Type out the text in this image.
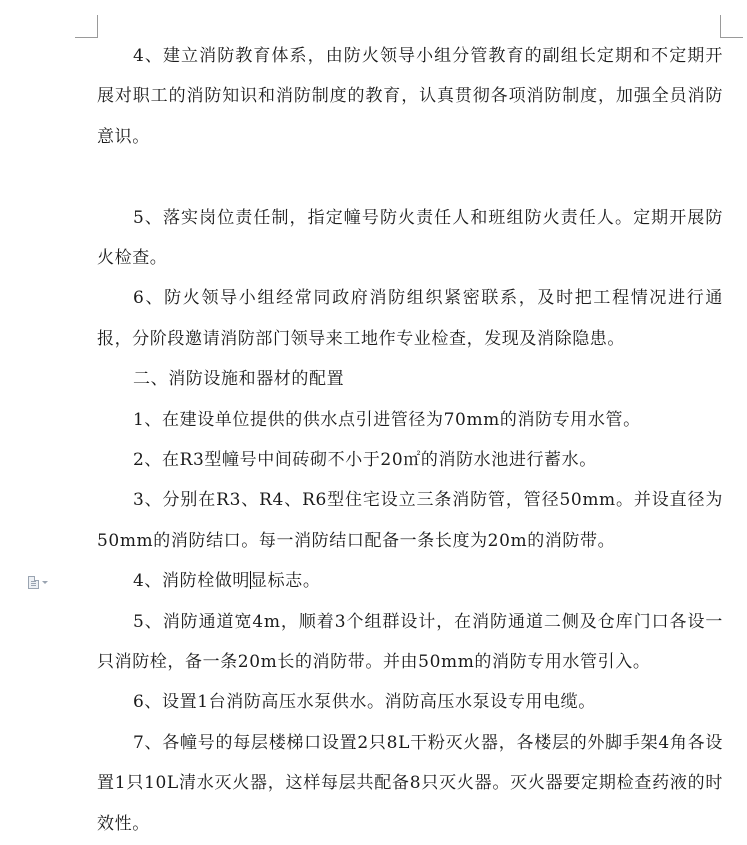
4、建立消防教育体系，由防火领导小组分管教育的副组长定期和不定期开展对职工的消防知识和消防制度的教育，认真贯彻各项消防制度，加强全员消防意识。

5、落实岗位责任制，指定幢号防火责任人和班组防火责任人。定期开展防火检查。

6、防火领导小组经常同政府消防组织紧密联系，及时把工程情况进行通报，分阶段邀请消防部门领导来工地作专业检查，发现及消除隐患。

二、消防设施和器材的配置

1、在建设单位提供的供水点引进管径为70mm的消防专用水管。

2、在R3型幢号中间砖砌不小于20㎡的消防水池进行蓄水。

3、分别在R3、R4、R6型住宅设立三条消防管，管径50mm。并设直径为50mm的消防结口。每一消防结口配备一条长度为20m的消防带。

4、消防栓做明显标志。

5、消防通道宽4m，顺着3个组群设计，在消防通道二侧及仓库门口各设一只消防栓，备一条20m长的消防带。并由50mm的消防专用水管引入。

6、设置1台消防高压水泵供水。消防高压水泵设专用电缆。

7、各幢号的每层楼梯口设置2只8L干粉灭火器，各楼层的外脚手架4角各设置1只10L清水灭火器，这样每层共配备8只灭火器。灭火器要定期检查药液的时效性。
